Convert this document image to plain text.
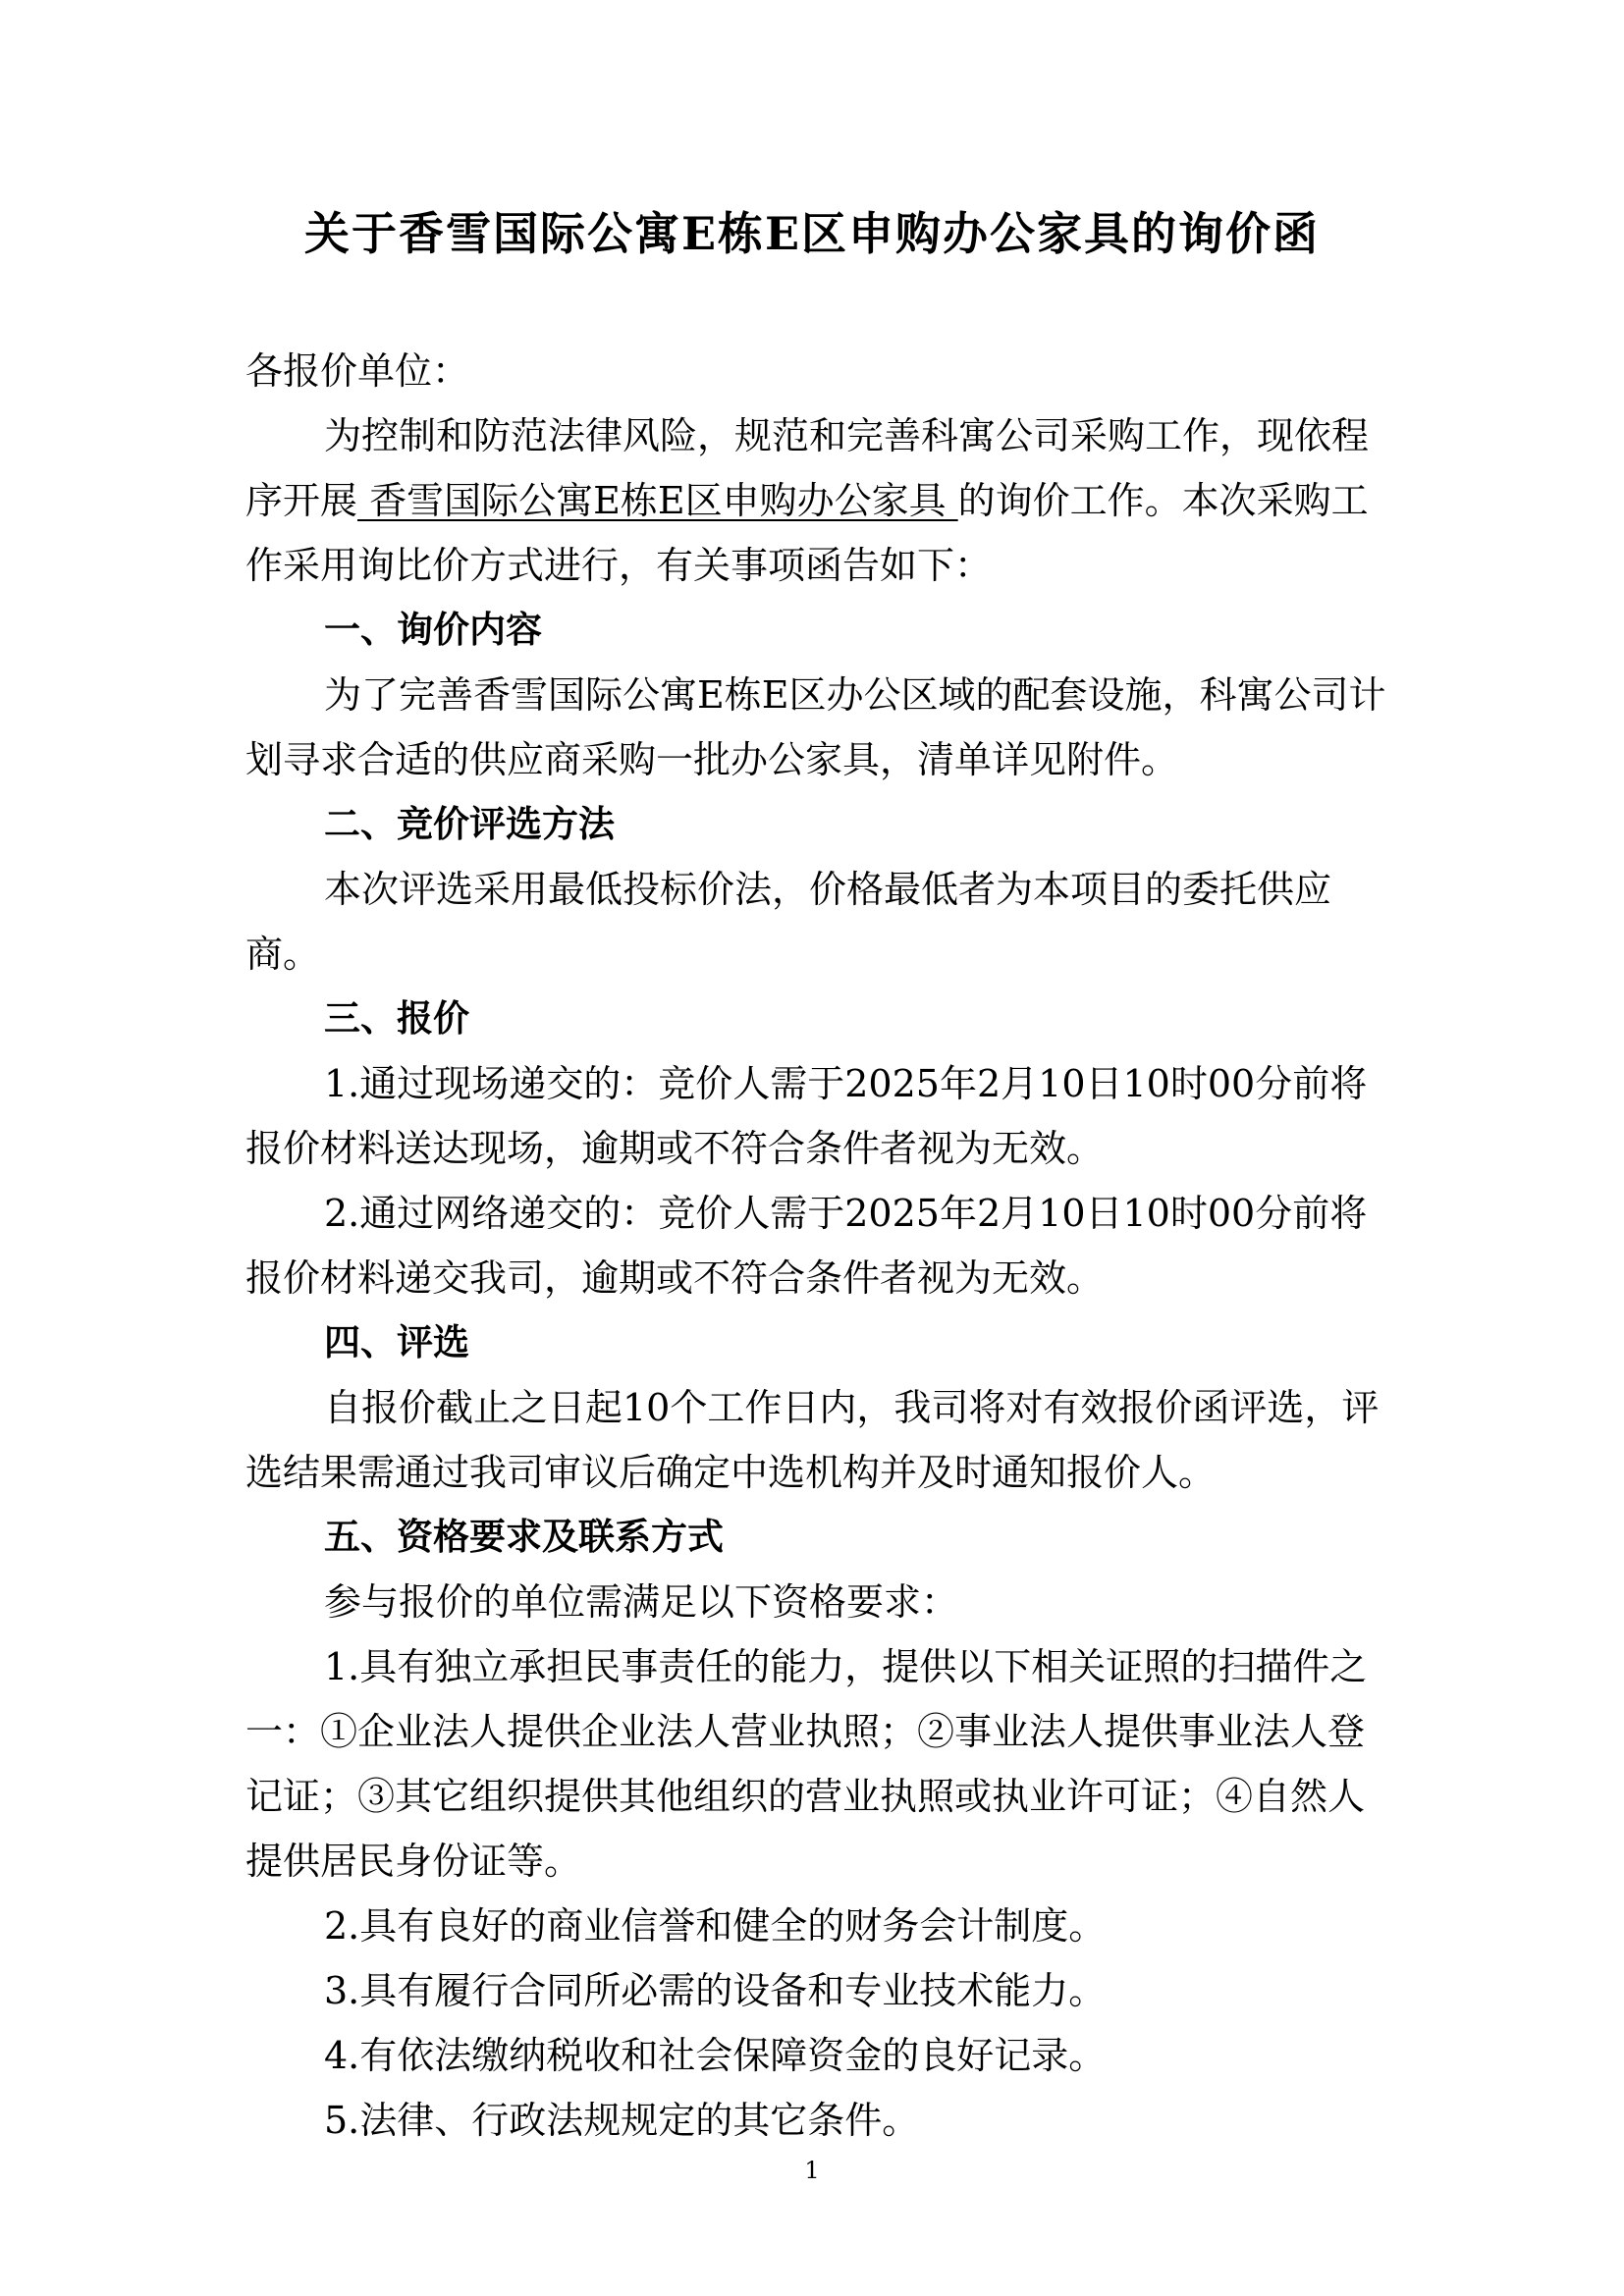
关于香雪国际公寓E栋E区申购办公家具的询价函

各报价单位：

为控制和防范法律风险，规范和完善科寓公司采购工作，现依程序开展 香雪国际公寓E栋E区申购办公家具 的询价工作。本次采购工作采用询比价方式进行，有关事项函告如下：

一、询价内容

为了完善香雪国际公寓E栋E区办公区域的配套设施，科寓公司计划寻求合适的供应商采购一批办公家具，清单详见附件。

二、竞价评选方法

本次评选采用最低投标价法，价格最低者为本项目的委托供应商。

三、报价

1.通过现场递交的：竞价人需于2025年2月10日10时00分前将报价材料送达现场，逾期或不符合条件者视为无效。

2.通过网络递交的：竞价人需于2025年2月10日10时00分前将报价材料递交我司，逾期或不符合条件者视为无效。

四、评选

自报价截止之日起10个工作日内，我司将对有效报价函评选，评选结果需通过我司审议后确定中选机构并及时通知报价人。

五、资格要求及联系方式

参与报价的单位需满足以下资格要求：

1.具有独立承担民事责任的能力，提供以下相关证照的扫描件之一：①企业法人提供企业法人营业执照；②事业法人提供事业法人登记证；③其它组织提供其他组织的营业执照或执业许可证；④自然人提供居民身份证等。

2.具有良好的商业信誉和健全的财务会计制度。

3.具有履行合同所必需的设备和专业技术能力。

4.有依法缴纳税收和社会保障资金的良好记录。

5.法律、行政法规规定的其它条件。

1
